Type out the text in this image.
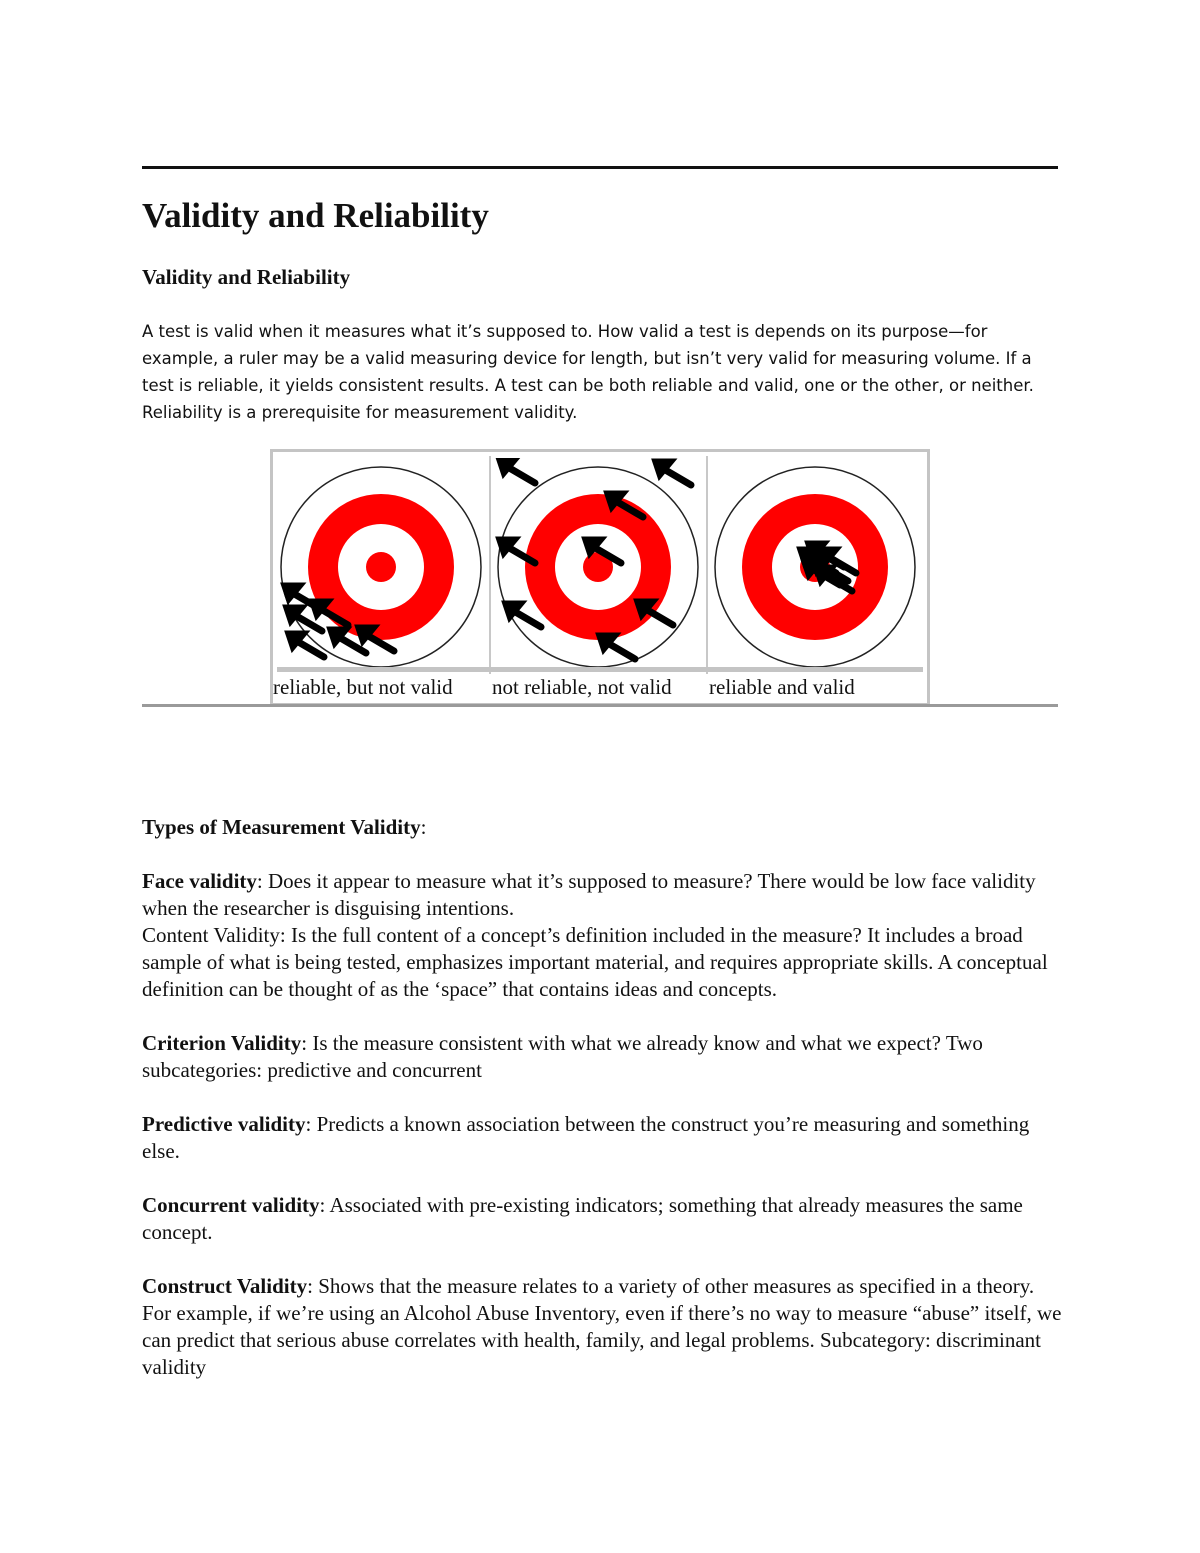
Validity and Reliability
Validity and Reliability

A test is valid when it measures what it’s supposed to. How valid a test is depends on its purpose—for example, a ruler may be a valid measuring device for length, but isn’t very valid for measuring volume. If a test is reliable, it yields consistent results. A test can be both reliable and valid, one or the other, or neither. Reliability is a prerequisite for measurement validity.

reliable, but not valid not reliable, not valid reliable and valid

Types of Measurement Validity:

Face validity: Does it appear to measure what it’s supposed to measure? There would be low face validity when the researcher is disguising intentions.

Content Validity: Is the full content of a concept’s definition included in the measure? It includes a broad sample of what is being tested, emphasizes important material, and requires appropriate skills. A conceptual definition can be thought of as the ‘space” that contains ideas and concepts.

Criterion Validity: Is the measure consistent with what we already know and what we expect? Two subcategories: predictive and concurrent

Predictive validity: Predicts a known association between the construct you’re measuring and something else.

Concurrent validity: Associated with pre-existing indicators; something that already measures the same concept.

Construct Validity: Shows that the measure relates to a variety of other measures as specified in a theory. For example, if we’re using an Alcohol Abuse Inventory, even if there’s no way to measure “abuse” itself, we can predict that serious abuse correlates with health, family, and legal problems. Subcategory: discriminant validity
